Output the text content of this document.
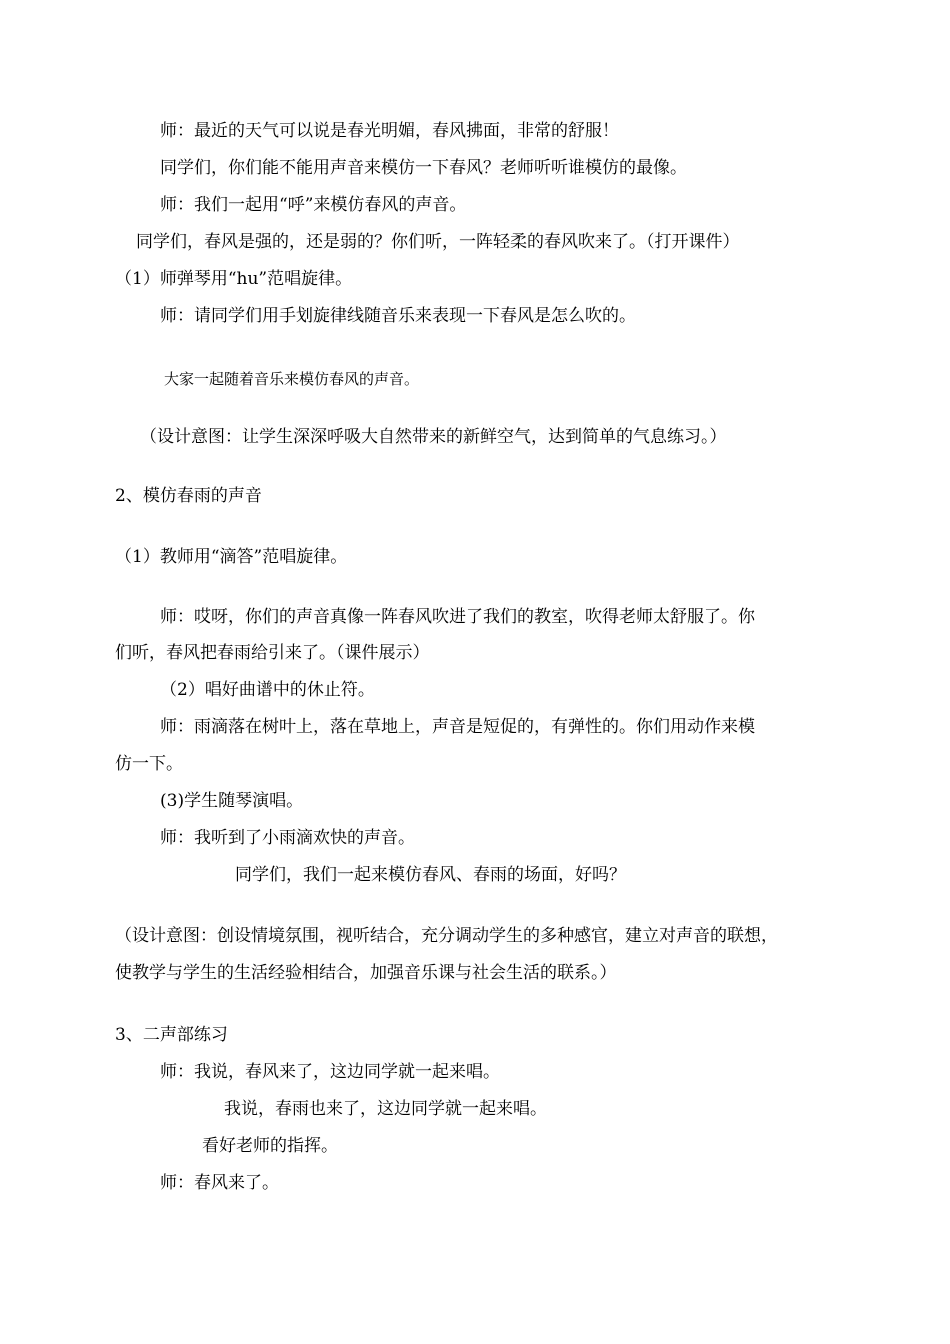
师：最近的天气可以说是春光明媚，春风拂面，非常的舒服！

同学们，你们能不能用声音来模仿一下春风？老师听听谁模仿的最像。

师：我们一起用“呼”来模仿春风的声音。

同学们，春风是强的，还是弱的？你们听，一阵轻柔的春风吹来了。（打开课件）

（1）师弹琴用“hu”范唱旋律。

师：请同学们用手划旋律线随音乐来表现一下春风是怎么吹的。

大家一起随着音乐来模仿春风的声音。

（设计意图：让学生深深呼吸大自然带来的新鲜空气，达到简单的气息练习。）

2、模仿春雨的声音

（1）教师用“滴答”范唱旋律。

师：哎呀，你们的声音真像一阵春风吹进了我们的教室，吹得老师太舒服了。你

们听，春风把春雨给引来了。（课件展示）

（2）唱好曲谱中的休止符。

师：雨滴落在树叶上，落在草地上，声音是短促的，有弹性的。你们用动作来模

仿一下。

(3)学生随琴演唱。

师：我听到了小雨滴欢快的声音。

同学们，我们一起来模仿春风、春雨的场面，好吗？

（设计意图：创设情境氛围，视听结合，充分调动学生的多种感官，建立对声音的联想，

使教学与学生的生活经验相结合，加强音乐课与社会生活的联系。）

3、二声部练习

师：我说，春风来了，这边同学就一起来唱。

我说，春雨也来了，这边同学就一起来唱。

看好老师的指挥。

师：春风来了。
